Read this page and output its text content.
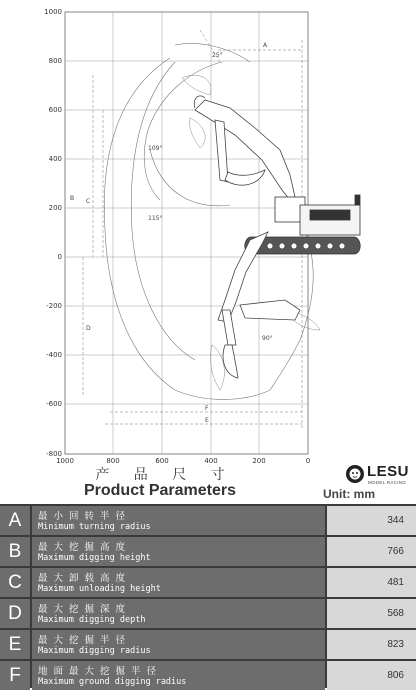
1000
800
600
400
200
0
-200
-400
-600
-800
1000	800	600	400	200	0
25°
109°
115°
90°
A
B C
D
F
E
产 品 尺 寸
Product Parameters
LESU
MODEL RACING
Unit: mm
A	最小回转半径
Minimum turning radius
344
B	最大挖掘高度
Maximum digging height
766
C	最大卸载高度
Maximum unloading height
481
D	最大挖掘深度
Maximum digging depth
568
E	最大挖掘半径
Maximum digging radius
823
F	地面最大挖掘半径
Maximum ground digging radius
806
